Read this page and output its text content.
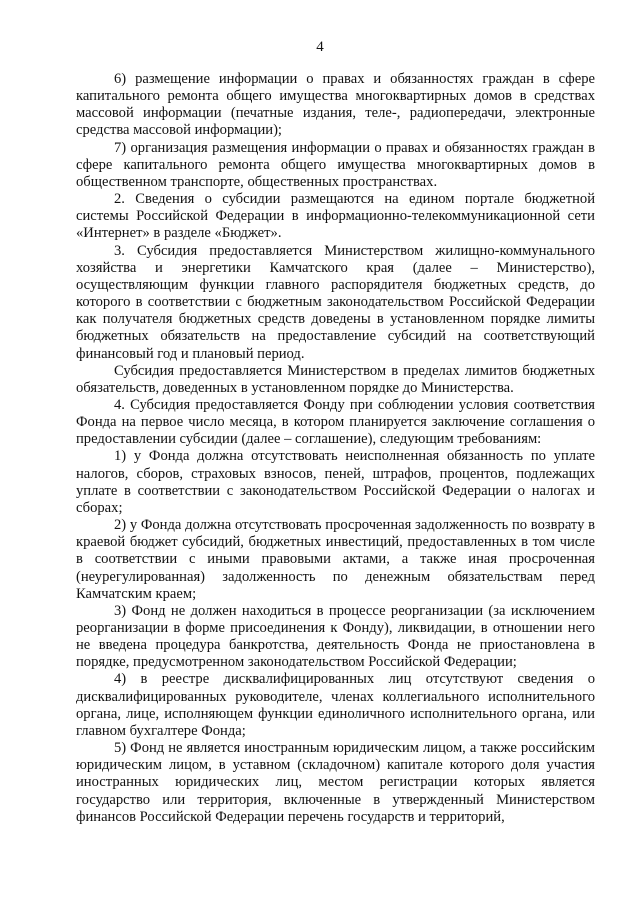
4

6) размещение информации о правах и обязанностях граждан в сфере капитального ремонта общего имущества многоквартирных домов в средствах массовой информации (печатные издания, теле-, радиопередачи, электронные средства массовой информации);

7) организация размещения информации о правах и обязанностях граждан в сфере капитального ремонта общего имущества многоквартирных домов в общественном транспорте, общественных пространствах.

2. Сведения о субсидии размещаются на едином портале бюджетной системы Российской Федерации в информационно-телекоммуникационной сети «Интернет» в разделе «Бюджет».

3. Субсидия предоставляется Министерством жилищно-коммунального хозяйства и энергетики Камчатского края (далее – Министерство), осуществляющим функции главного распорядителя бюджетных средств, до которого в соответствии с бюджетным законодательством Российской Федерации как получателя бюджетных средств доведены в установленном порядке лимиты бюджетных обязательств на предоставление субсидий на соответствующий финансовый год и плановый период.

Субсидия предоставляется Министерством в пределах лимитов бюджетных обязательств, доведенных в установленном порядке до Министерства.

4. Субсидия предоставляется Фонду при соблюдении условия соответствия Фонда на первое число месяца, в котором планируется заключение соглашения о предоставлении субсидии (далее – соглашение), следующим требованиям:

1) у Фонда должна отсутствовать неисполненная обязанность по уплате налогов, сборов, страховых взносов, пеней, штрафов, процентов, подлежащих уплате в соответствии с законодательством Российской Федерации о налогах и сборах;

2) у Фонда должна отсутствовать просроченная задолженность по возврату в краевой бюджет субсидий, бюджетных инвестиций, предоставленных в том числе в соответствии с иными правовыми актами, а также иная просроченная (неурегулированная) задолженность по денежным обязательствам перед Камчатским краем;

3) Фонд не должен находиться в процессе реорганизации (за исключением реорганизации в форме присоединения к Фонду), ликвидации, в отношении него не введена процедура банкротства, деятельность Фонда не приостановлена в порядке, предусмотренном законодательством Российской Федерации;

4) в реестре дисквалифицированных лиц отсутствуют сведения о дисквалифицированных руководителе, членах коллегиального исполнительного органа, лице, исполняющем функции единоличного исполнительного органа, или главном бухгалтере Фонда;

5) Фонд не является иностранным юридическим лицом, а также российским юридическим лицом, в уставном (складочном) капитале которого доля участия иностранных юридических лиц, местом регистрации которых является государство или территория, включенные в утвержденный Министерством финансов Российской Федерации перечень государств и территорий,
